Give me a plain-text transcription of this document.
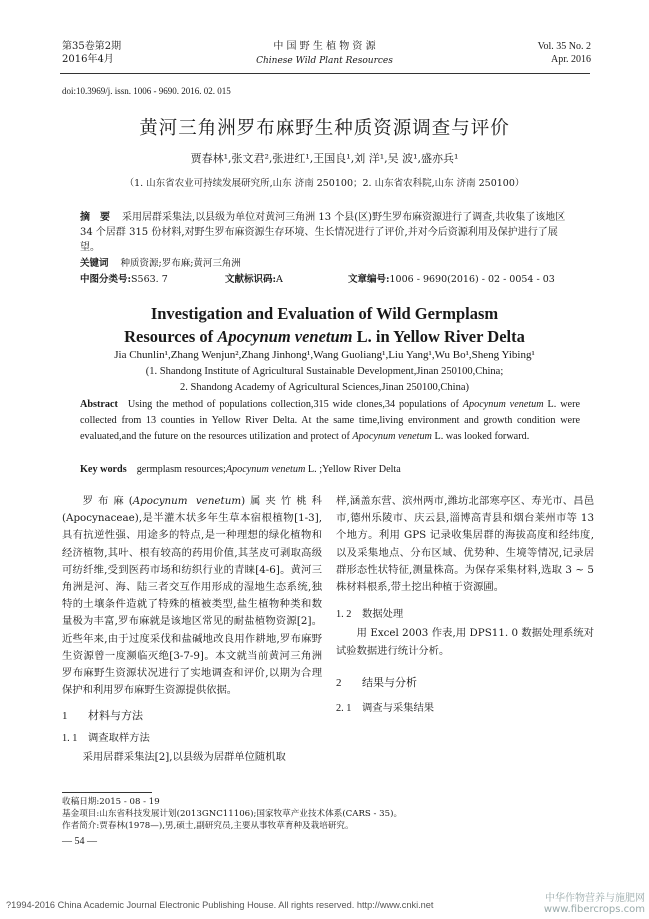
第35卷第2期
2016年4月
中 国 野 生 植 物 资 源
Chinese Wild Plant Resources
Vol. 35 No. 2
Apr. 2016
doi:10.3969/j. issn. 1006 - 9690. 2016. 02. 015
黄河三角洲罗布麻野生种质资源调查与评价
贾春林¹,张文君²,张进红¹,王国良¹,刘 洋¹,吴 波¹,盛亦兵¹
（1. 山东省农业可持续发展研究所,山东 济南 250100；2. 山东省农科院,山东 济南 250100）
摘　要 采用居群采集法,以县级为单位对黄河三角洲 13 个县(区)野生罗布麻资源进行了调查,共收集了该地区 34 个居群 315 份材料,对野生罗布麻资源生存环境、生长情况进行了评价,并对今后资源利用及保护进行了展望。
关键词 种质资源;罗布麻;黄河三角洲
中图分类号:S563. 7	文献标识码:A	文章编号:1006 - 9690(2016) - 02 - 0054 - 03
Investigation and Evaluation of Wild Germplasm
Resources of Apocynum venetum L. in Yellow River Delta
Jia Chunlin¹,Zhang Wenjun²,Zhang Jinhong¹,Wang Guoliang¹,Liu Yang¹,Wu Bo¹,Sheng Yibing¹
(1. Shandong Institute of Agricultural Sustainable Development,Jinan 250100,China;
2. Shandong Academy of Agricultural Sciences,Jinan 250100,China)
Abstract Using the method of populations collection,315 wide clones,34 populations of Apocynum venetum L. were collected from 13 counties in Yellow River Delta. At the same time,living environment and growth condition were evaluated,and the future on the resources utilization and protect of Apocynum venetum L. was looked forward.
Key words germplasm resources;Apocynum venetum L. ;Yellow River Delta

罗布麻(Apocynum venetum)属夹竹桃科(Apocynaceae),是半灌木状多年生草本宿根植物[1-3],具有抗逆性强、用途多的特点,是一种理想的绿化植物和经济植物,其叶、根有较高的药用价值,其茎皮可剥取高级可纺纤维,受到医药市场和纺织行业的青睐[4-6]。黄河三角洲是河、海、陆三者交互作用形成的湿地生态系统,独特的土壤条件造就了特殊的植被类型,盐生植物种类和数量极为丰富,罗布麻就是该地区常见的耐盐植物资源[2]。近些年来,由于过度采伐和盐碱地改良用作耕地,罗布麻野生资源曾一度濒临灭绝[3-7-9]。本文就当前黄河三角洲罗布麻野生资源状况进行了实地调查和评价,以期为合理保护和利用罗布麻野生资源提供依据。

1 材料与方法
1. 1 调查取样方法

采用居群采集法[2],以县级为居群单位随机取

样,涵盖东营、滨州两市,潍坊北部寒亭区、寿光市、昌邑市,德州乐陵市、庆云县,淄博高青县和烟台莱州市等 13 个地方。利用 GPS 记录收集居群的海拔高度和经纬度,以及采集地点、分布区域、优势种、生境等情况,记录居群形态性状特征,测量株高。为保存采集材料,选取 3 ~ 5 株材料根系,带土挖出种植于资源圃。

1. 2 数据处理

用 Excel 2003 作表,用 DPS11. 0 数据处理系统对试验数据进行统计分析。

2 结果与分析
2. 1 调查与采集结果
收稿日期:2015 - 08 - 19
基金项目:山东省科技发展计划(2013GNC11106);国家牧草产业技术体系(CARS - 35)。
作者简介:贾春林(1978—),男,硕士,副研究员,主要从事牧草育种及栽培研究。
— 54 —
?1994-2016 China Academic Journal Electronic Publishing House. All rights reserved. http://www.cnki.net
中华作物营养与施肥网
www.fibercrops.com
